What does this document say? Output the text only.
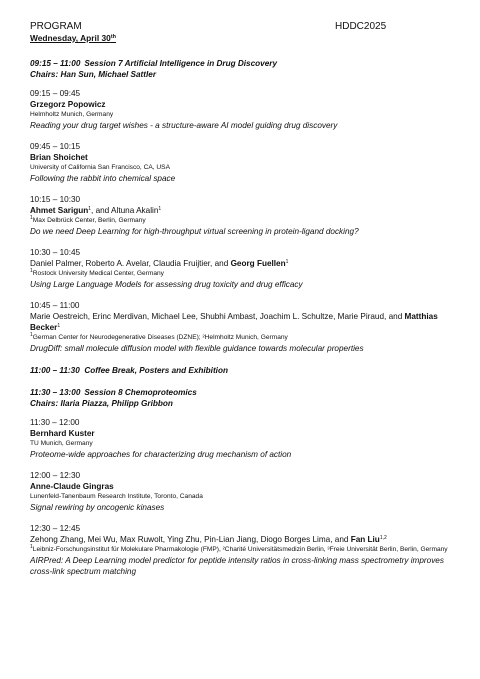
PROGRAM	HDDC2025
Wednesday, April 30th
09:15 – 11:00 Session 7 Artificial Intelligence in Drug Discovery
Chairs: Han Sun, Michael Sattler
09:15 – 09:45
Grzegorz Popowicz
Helmholtz Munich, Germany
Reading your drug target wishes - a structure-aware AI model guiding drug discovery
09:45 – 10:15
Brian Shoichet
University of California San Francisco, CA, USA
Following the rabbit into chemical space
10:15 – 10:30
Ahmet Sarigun$^1$, and Altuna Akalin$^1$
$^1$Max Delbrück Center, Berlin, Germany
Do we need Deep Learning for high-throughput virtual screening in protein-ligand docking?
10:30 – 10:45
Daniel Palmer, Roberto A. Avelar, Claudia Fruijtier, and Georg Fuellen$^1$
$^1$Rostock University Medical Center, Germany
Using Large Language Models for assessing drug toxicity and drug efficacy
10:45 – 11:00
Marie Oestreich, Erinc Merdivan, Michael Lee, Shubhi Ambast, Joachim L. Schultze, Marie Piraud, and Matthias Becker$^1$
$^1$German Center for Neurodegenerative Diseases (DZNE); ²Helmholtz Munich, Germany
DrugDiff: small molecule diffusion model with flexible guidance towards molecular properties
11:00 – 11:30 Coffee Break, Posters and Exhibition
11:30 – 13:00 Session 8 Chemoproteomics
Chairs: Ilaria Piazza, Philipp Gribbon
11:30 – 12:00
Bernhard Kuster
TU Munich, Germany
Proteome-wide approaches for characterizing drug mechanism of action
12:00 – 12:30
Anne-Claude Gingras
Lunenfeld-Tanenbaum Research Institute, Toronto, Canada
Signal rewiring by oncogenic kinases
12:30 – 12:45
Zehong Zhang, Mei Wu, Max Ruwolt, Ying Zhu, Pin-Lian Jiang, Diogo Borges Lima, and Fan Liu$^{1,2}$
$^1$Leibniz-Forschungsinstitut für Molekulare Pharmakologie (FMP), ²Charité Universitätsmedizin Berlin, ³Freie Universität Berlin, Berlin, Germany
AIRPred: A Deep Learning model predictor for peptide intensity ratios in cross-linking mass spectrometry improves cross-link spectrum matching
